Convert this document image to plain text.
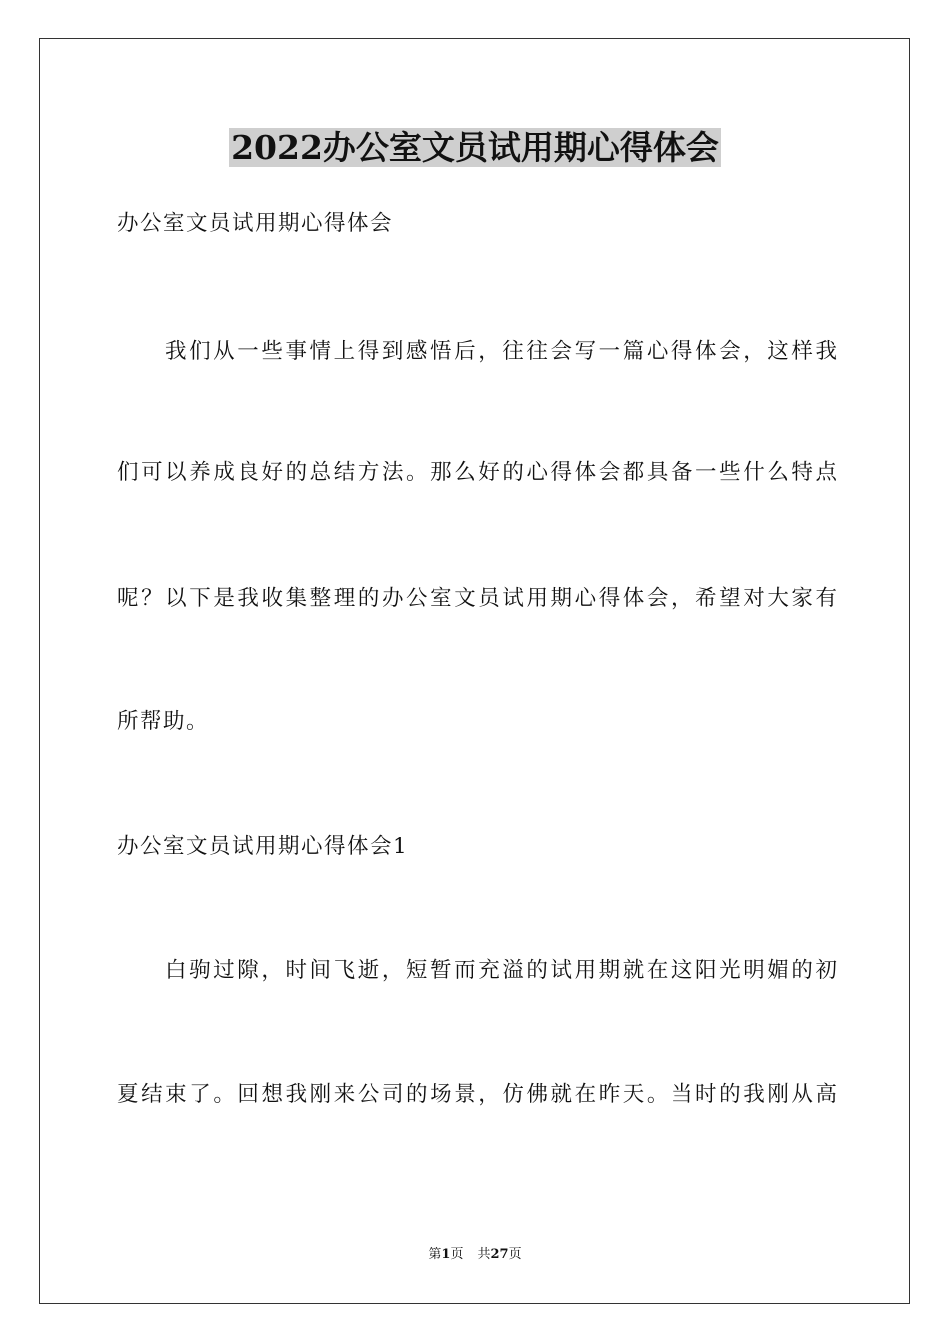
2022办公室文员试用期心得体会
办公室文员试用期心得体会
我们从一些事情上得到感悟后，往往会写一篇心得体会，这样我
们可以养成良好的总结方法。那么好的心得体会都具备一些什么特点
呢？以下是我收集整理的办公室文员试用期心得体会，希望对大家有
所帮助。
办公室文员试用期心得体会1
白驹过隙，时间飞逝，短暂而充溢的试用期就在这阳光明媚的初
夏结束了。回想我刚来公司的场景，仿佛就在昨天。当时的我刚从高
第1页 共27页
